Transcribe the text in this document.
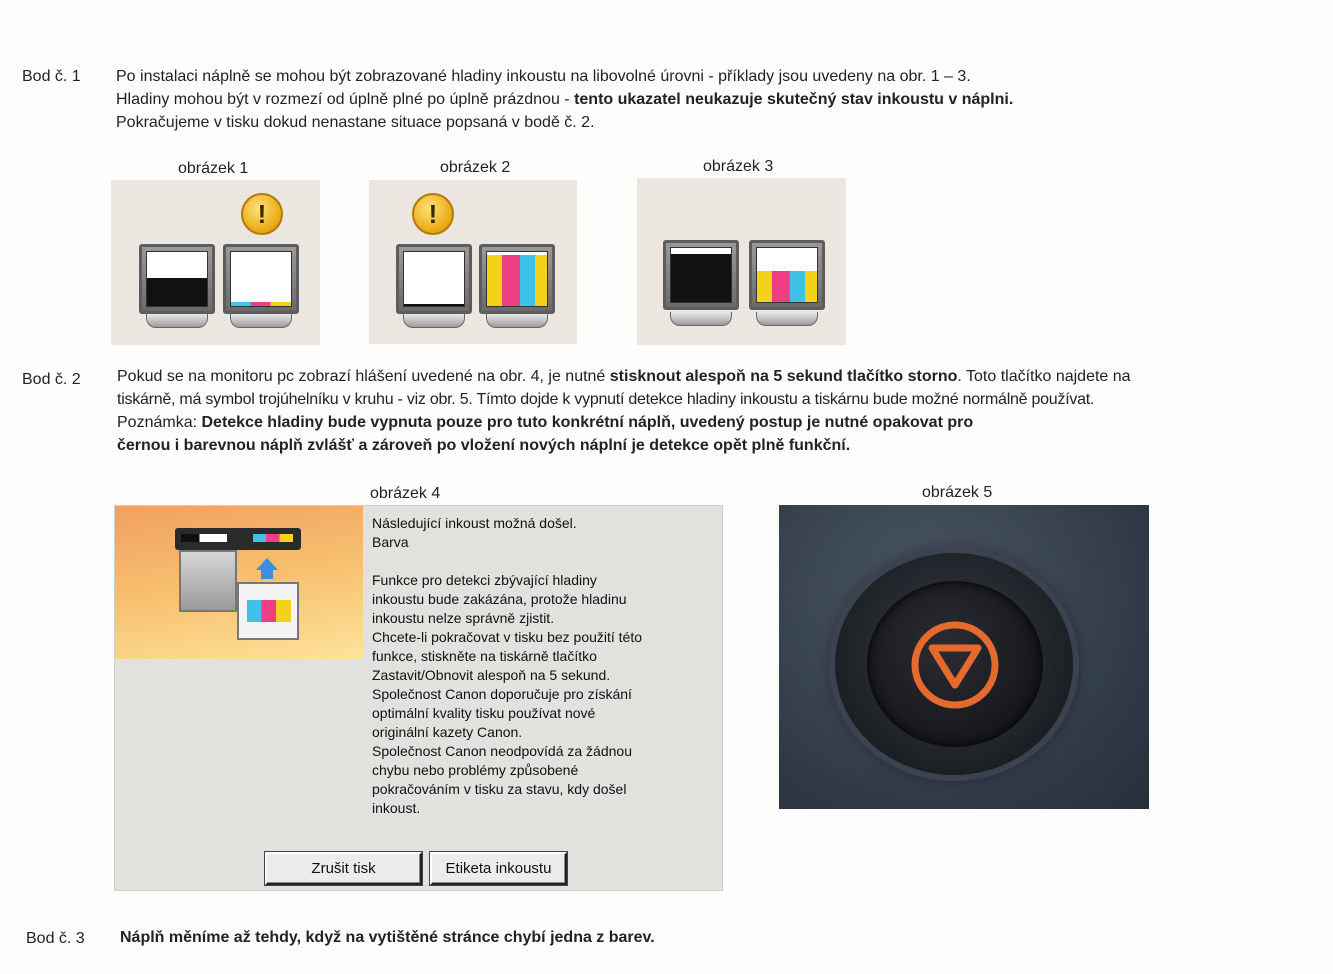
Bod č. 1 Po instalaci náplně se mohou být zobrazované hladiny inkoustu na libovolné úrovni - příklady jsou uvedeny na obr. 1 – 3.
Hladiny mohou být v rozmezí od úplně plné po úplně prázdnou - tento ukazatel neukazuje skutečný stav inkoustu v náplni.
Pokračujeme v tisku dokud nenastane situace popsaná v bodě č. 2.
obrázek 1	obrázek 2	obrázek 3
!	!
Bod č. 2 Pokud se na monitoru pc zobrazí hlášení uvedené na obr. 4, je nutné stisknout alespoň na 5 sekund tlačítko storno. Toto tlačítko najdete na
tiskárně, má symbol trojúhelníku v kruhu - viz obr. 5. Tímto dojde k vypnutí detekce hladiny inkoustu a tiskárnu bude možné normálně používat.
Poznámka: Detekce hladiny bude vypnuta pouze pro tuto konkrétní náplň, uvedený postup je nutné opakovat pro
černou i barevnou náplň zvlášť a zároveň po vložení nových náplní je detekce opět plně funkční.
obrázek 4
Následující inkoust možná došel.
Barva
Funkce pro detekci zbývající hladiny
inkoustu bude zakázána, protože hladinu
inkoustu nelze správně zjistit.
Chcete-li pokračovat v tisku bez použití této
funkce, stiskněte na tiskárně tlačítko
Zastavit/Obnovit alespoň na 5 sekund.
Společnost Canon doporučuje pro získání
optimální kvality tisku používat nové
originální kazety Canon.
Společnost Canon neodpovídá za žádnou
chybu nebo problémy způsobené
pokračováním v tisku za stavu, kdy došel
inkoust.
Zrušit tisk	Etiketa inkoustu
obrázek 5
Bod č. 3 Náplň měníme až tehdy, když na vytištěné stránce chybí jedna z barev.
